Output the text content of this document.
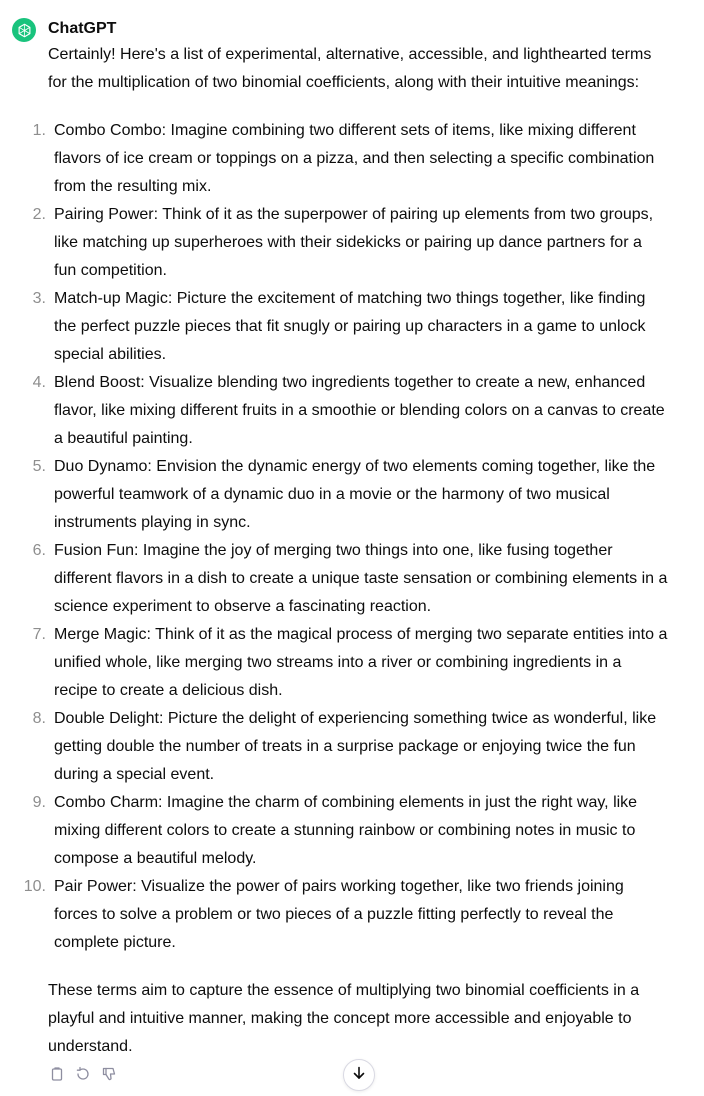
ChatGPT

Certainly! Here's a list of experimental, alternative, accessible, and lighthearted terms for the multiplication of two binomial coefficients, along with their intuitive meanings:

1. Combo Combo: Imagine combining two different sets of items, like mixing different flavors of ice cream or toppings on a pizza, and then selecting a specific combination from the resulting mix.
2. Pairing Power: Think of it as the superpower of pairing up elements from two groups, like matching up superheroes with their sidekicks or pairing up dance partners for a fun competition.
3. Match-up Magic: Picture the excitement of matching two things together, like finding the perfect puzzle pieces that fit snugly or pairing up characters in a game to unlock special abilities.
4. Blend Boost: Visualize blending two ingredients together to create a new, enhanced flavor, like mixing different fruits in a smoothie or blending colors on a canvas to create a beautiful painting.
5. Duo Dynamo: Envision the dynamic energy of two elements coming together, like the powerful teamwork of a dynamic duo in a movie or the harmony of two musical instruments playing in sync.
6. Fusion Fun: Imagine the joy of merging two things into one, like fusing together different flavors in a dish to create a unique taste sensation or combining elements in a science experiment to observe a fascinating reaction.
7. Merge Magic: Think of it as the magical process of merging two separate entities into a unified whole, like merging two streams into a river or combining ingredients in a recipe to create a delicious dish.
8. Double Delight: Picture the delight of experiencing something twice as wonderful, like getting double the number of treats in a surprise package or enjoying twice the fun during a special event.
9. Combo Charm: Imagine the charm of combining elements in just the right way, like mixing different colors to create a stunning rainbow or combining notes in music to compose a beautiful melody.
10. Pair Power: Visualize the power of pairs working together, like two friends joining forces to solve a problem or two pieces of a puzzle fitting perfectly to reveal the complete picture.

These terms aim to capture the essence of multiplying two binomial coefficients in a playful and intuitive manner, making the concept more accessible and enjoyable to understand.
